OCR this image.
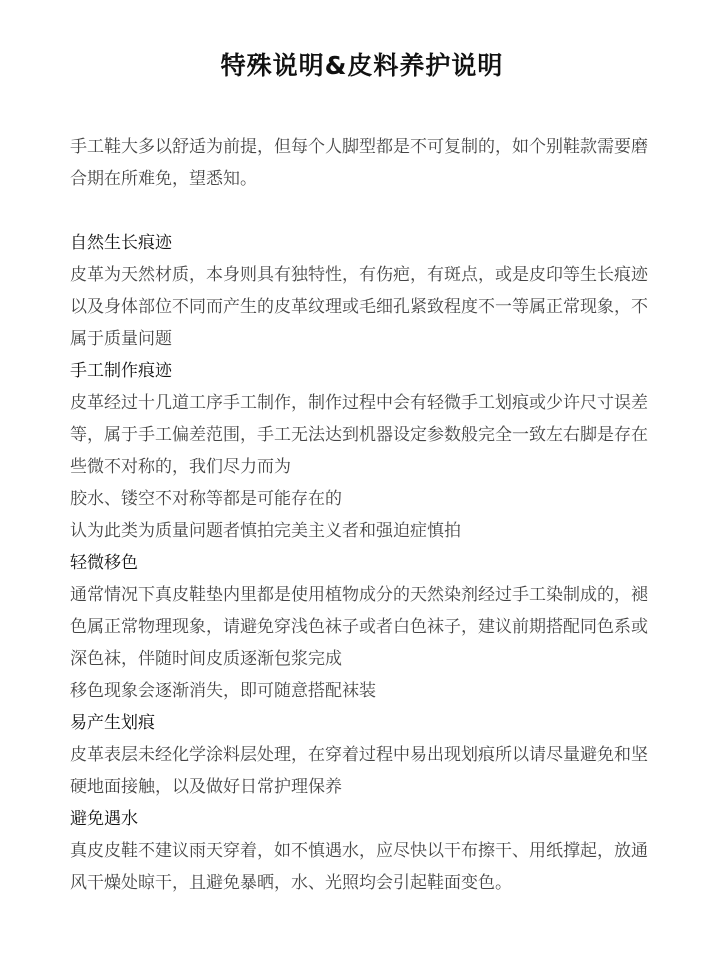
特殊说明&皮料养护说明

手工鞋大多以舒适为前提，但每个人脚型都是不可复制的，如个别鞋款需要磨合期在所难免，望悉知。

自然生长痕迹

皮革为天然材质，本身则具有独特性，有伤疤，有斑点，或是皮印等生长痕迹以及身体部位不同而产生的皮革纹理或毛细孔紧致程度不一等属正常现象，不属于质量问题

手工制作痕迹

皮革经过十几道工序手工制作，制作过程中会有轻微手工划痕或少许尺寸误差等，属于手工偏差范围，手工无法达到机器设定参数般完全一致左右脚是存在些微不对称的，我们尽力而为

胶水、镂空不对称等都是可能存在的

认为此类为质量问题者慎拍完美主义者和强迫症慎拍

轻微移色

通常情况下真皮鞋垫内里都是使用植物成分的天然染剂经过手工染制成的，褪色属正常物理现象，请避免穿浅色袜子或者白色袜子，建议前期搭配同色系或深色袜，伴随时间皮质逐渐包浆完成

移色现象会逐渐消失，即可随意搭配袜装

易产生划痕

皮革表层未经化学涂料层处理，在穿着过程中易出现划痕所以请尽量避免和坚硬地面接触，以及做好日常护理保养

避免遇水

真皮皮鞋不建议雨天穿着，如不慎遇水，应尽快以干布擦干、用纸撑起，放通风干燥处晾干，且避免暴晒，水、光照均会引起鞋面变色。
